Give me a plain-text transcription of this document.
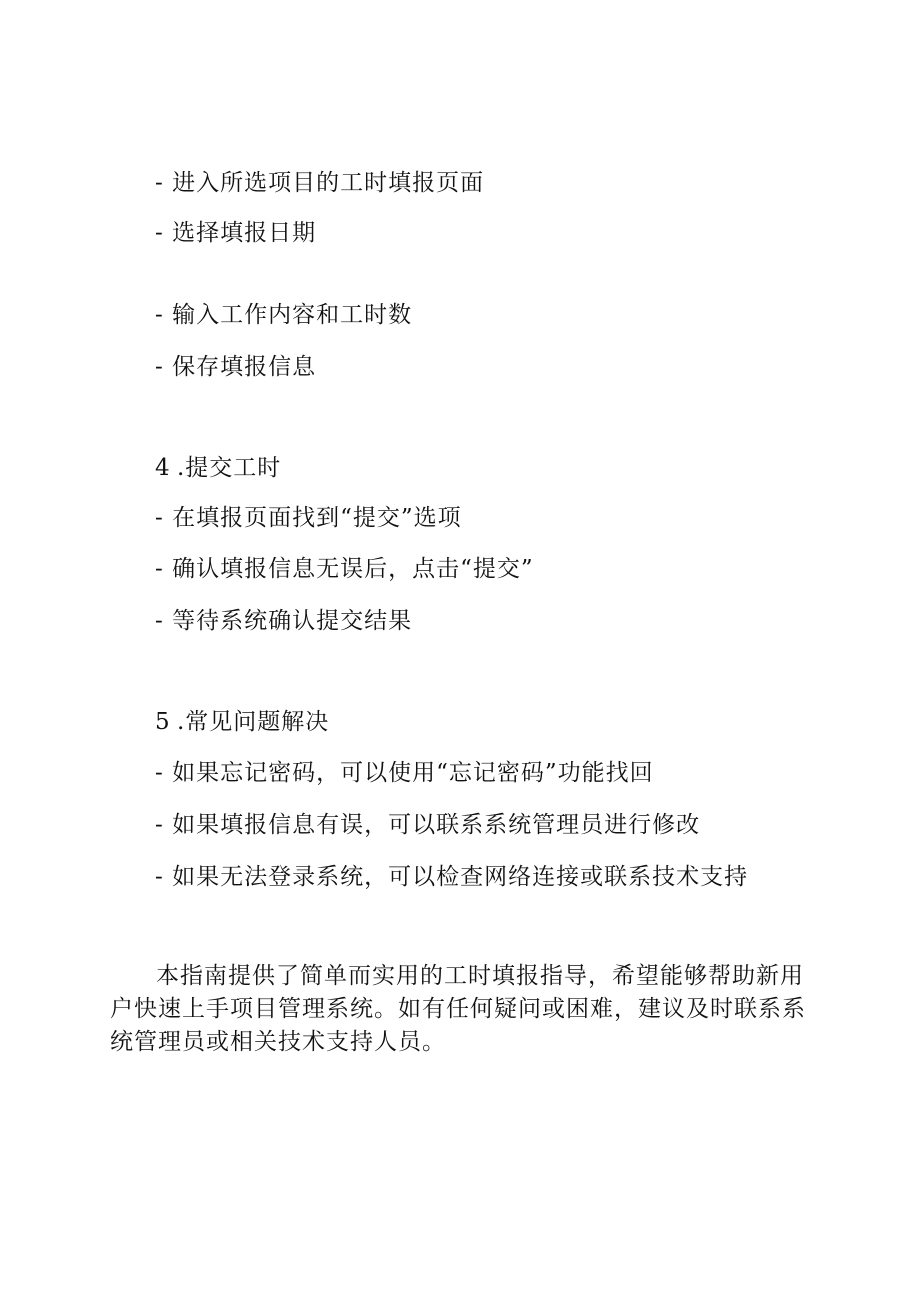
- 进入所选项目的工时填报页面
- 选择填报日期
- 输入工作内容和工时数
- 保存填报信息
4 .提交工时
- 在填报页面找到“提交”选项
- 确认填报信息无误后，点击“提交”
- 等待系统确认提交结果
5 .常见问题解决
- 如果忘记密码，可以使用“忘记密码”功能找回
- 如果填报信息有误，可以联系系统管理员进行修改
- 如果无法登录系统，可以检查网络连接或联系技术支持
本指南提供了简单而实用的工时填报指导，希望能够帮助新用户快速上手项目管理系统。如有任何疑问或困难，建议及时联系系统管理员或相关技术支持人员。
